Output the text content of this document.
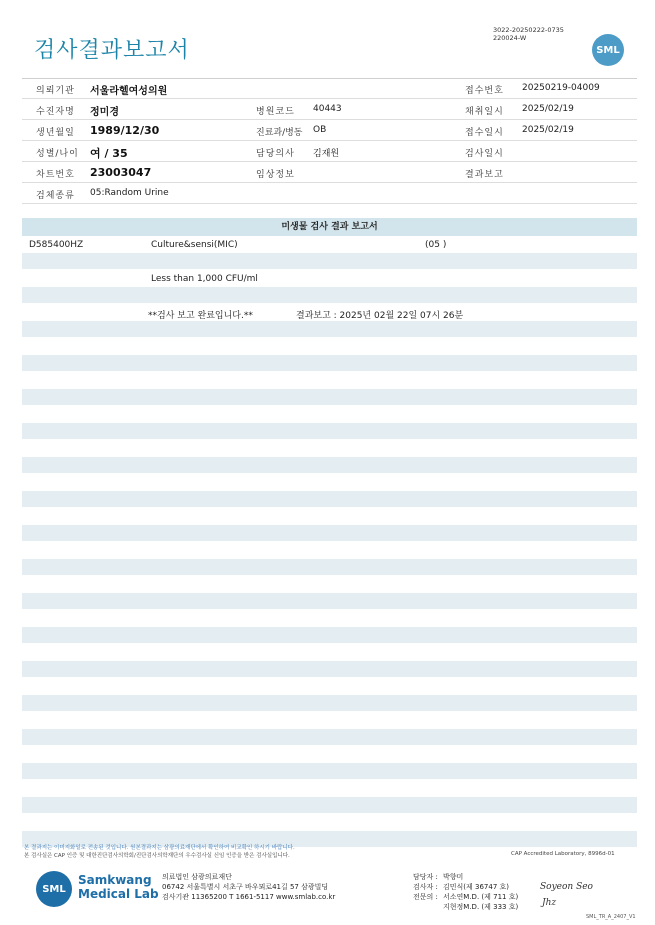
검사결과보고서
3022-20250222-0735
220024-W
SML
의뢰기관 서울라헬여성의원	접수번호 20250219-04009
수진자명 정미경	병원코드 40443	채취일시 2025/02/19
생년월일 1989/12/30	진료과/병동 OB	접수일시 2025/02/19
성별/나이 여 / 35	담당의사 김재원	검사일시
차트번호 23003047	임상정보	결과보고
검체종류 05:Random Urine
미생물 검사 결과 보고서
D585400HZ	Culture&sensi(MIC)	(05 )
Less than 1,000 CFU/ml
**검사 보고 완료입니다.**	결과보고 : 2025년 02월 22일 07시 26분
본 결과지는 이미지화일로 전송된 것입니다. 원본결과지는 삼광의료재단에서 확인하여 비교확인 하시기 바랍니다.
본 검사실은 CAP 인증 및 대한진단검사의학회/진단검사의학재단의 우수검사실 신임 인증을 받은 검사실입니다.	CAP Accredited Laboratory, 8996d-01
SML
Samkwang
Medical Lab
의료법인 삼광의료재단
06742 서울특별시 서초구 바우뫼로41길 57 삼광빌딩
검사기관 11365200 T 1661-5117 www.smlab.co.kr
담당자 : 박향미
검사자 : 김민식(제 36747 호)
전문의 : 서소연M.D. (제 711 호)
지현정M.D. (제 333 호)
Soyeon Seo
Jhz
SML_TR_A_2407_V1
